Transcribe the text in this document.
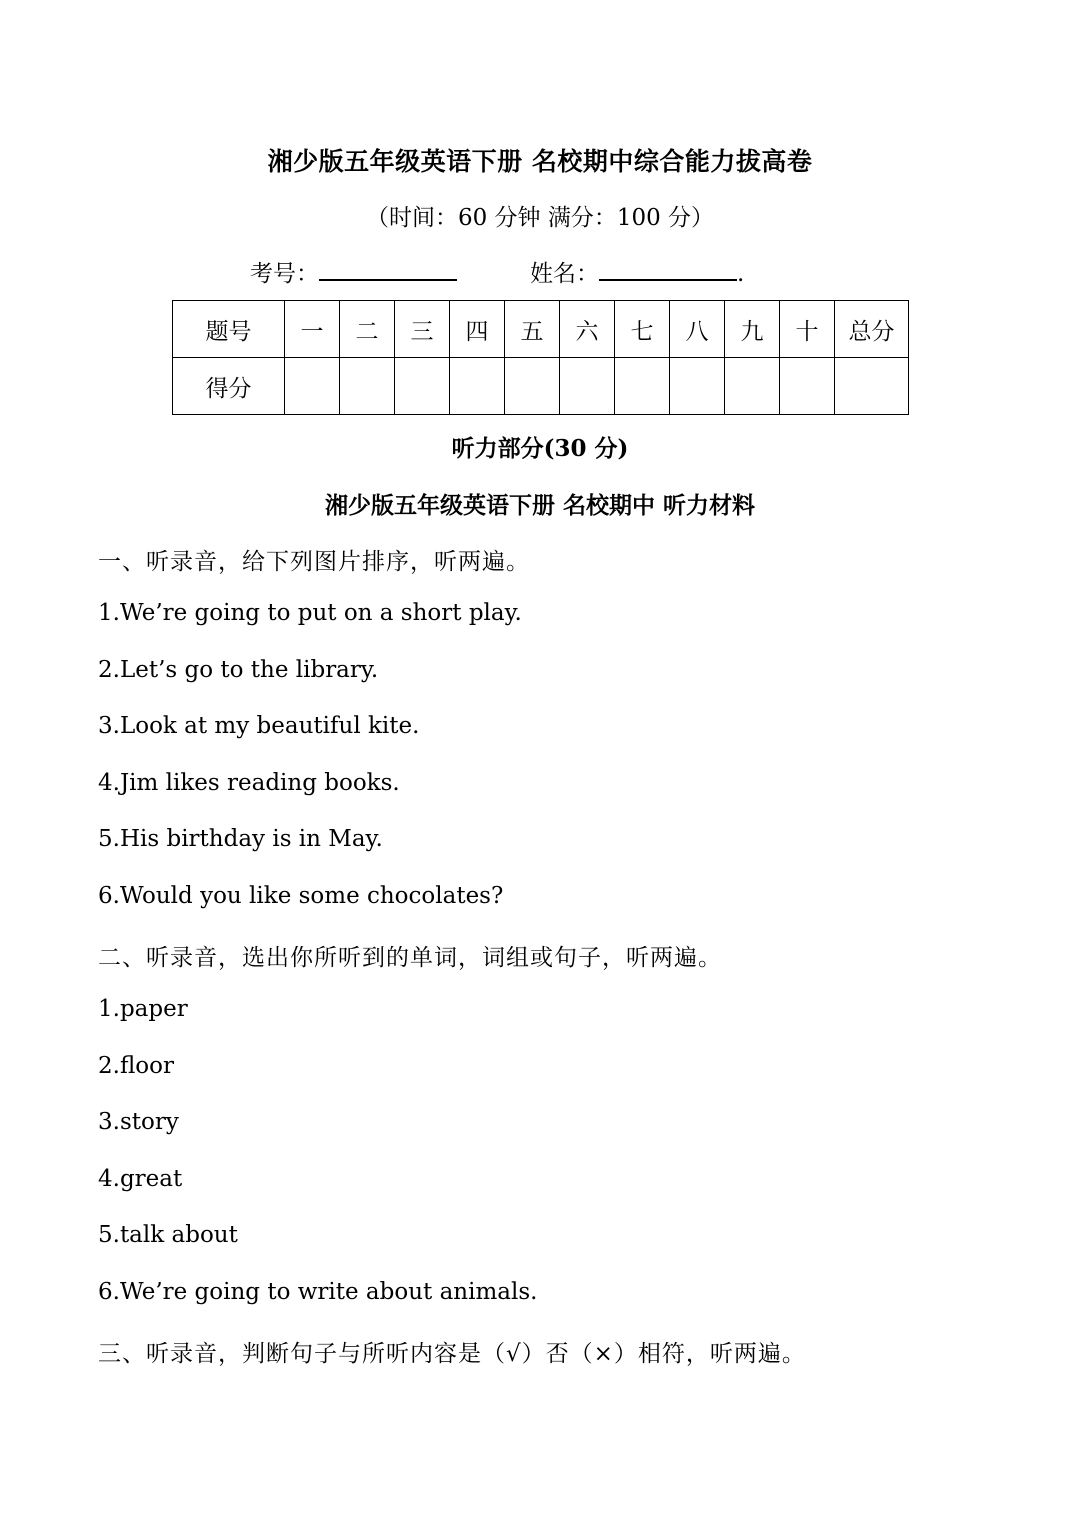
湘少版五年级英语下册 名校期中综合能力拔高卷
（时间：60 分钟 满分：100 分）
考号：	姓名：	.
题号	一	二	三	四	五	六	七	八	九	十	总分
得分											
听力部分(30 分)
湘少版五年级英语下册 名校期中 听力材料
一、听录音，给下列图片排序，听两遍。
1.We’re going to put on a short play.
2.Let’s go to the library.
3.Look at my beautiful kite.
4.Jim likes reading books.
5.His birthday is in May.
6.Would you like some chocolates?
二、听录音，选出你所听到的单词，词组或句子，听两遍。
1.paper
2.floor
3.story
4.great
5.talk about
6.We’re going to write about animals.
三、听录音，判断句子与所听内容是（√）否（×）相符，听两遍。
